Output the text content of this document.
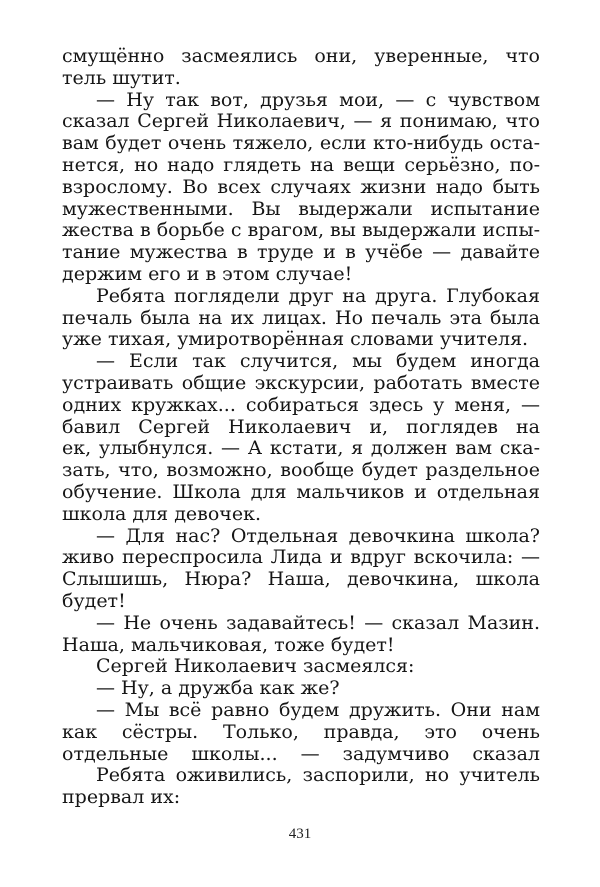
смущённо засмеялись они, уверенные, что
тель шутит.
— Ну так вот, друзья мои, — с чувством
сказал Сергей Николаевич, — я понимаю, что
вам будет очень тяжело, если кто-нибудь оста-
нется, но надо глядеть на вещи серьёзно, по-
взрослому. Во всех случаях жизни надо быть
мужественными. Вы выдержали испытание
жества в борьбе с врагом, вы выдержали испы-
тание мужества в труде и в учёбе — давайте
держим его и в этом случае!
Ребята поглядели друг на друга. Глубокая
печаль была на их лицах. Но печаль эта была
уже тихая, умиротворённая словами учителя.
— Если так случится, мы будем иногда
устраивать общие экскурсии, работать вместе
одних кружках... собираться здесь у меня, —
бавил Сергей Николаевич и, поглядев на
ек, улыбнулся. — А кстати, я должен вам ска-
зать, что, возможно, вообще будет раздельное
обучение. Школа для мальчиков и отдельная
школа для девочек.
— Для нас? Отдельная девочкина школа?
живо переспросила Лида и вдруг вскочила: —
Слышишь, Нюра? Наша, девочкина, школа
будет!
— Не очень задавайтесь! — сказал Мазин.
Наша, мальчиковая, тоже будет!
Сергей Николаевич засмеялся:
— Ну, а дружба как же?
— Мы всё равно будем дружить. Они нам
как сёстры. Только, правда, это очень
отдельные школы... — задумчиво сказал
Ребята оживились, заспорили, но учитель
прервал их:
431
